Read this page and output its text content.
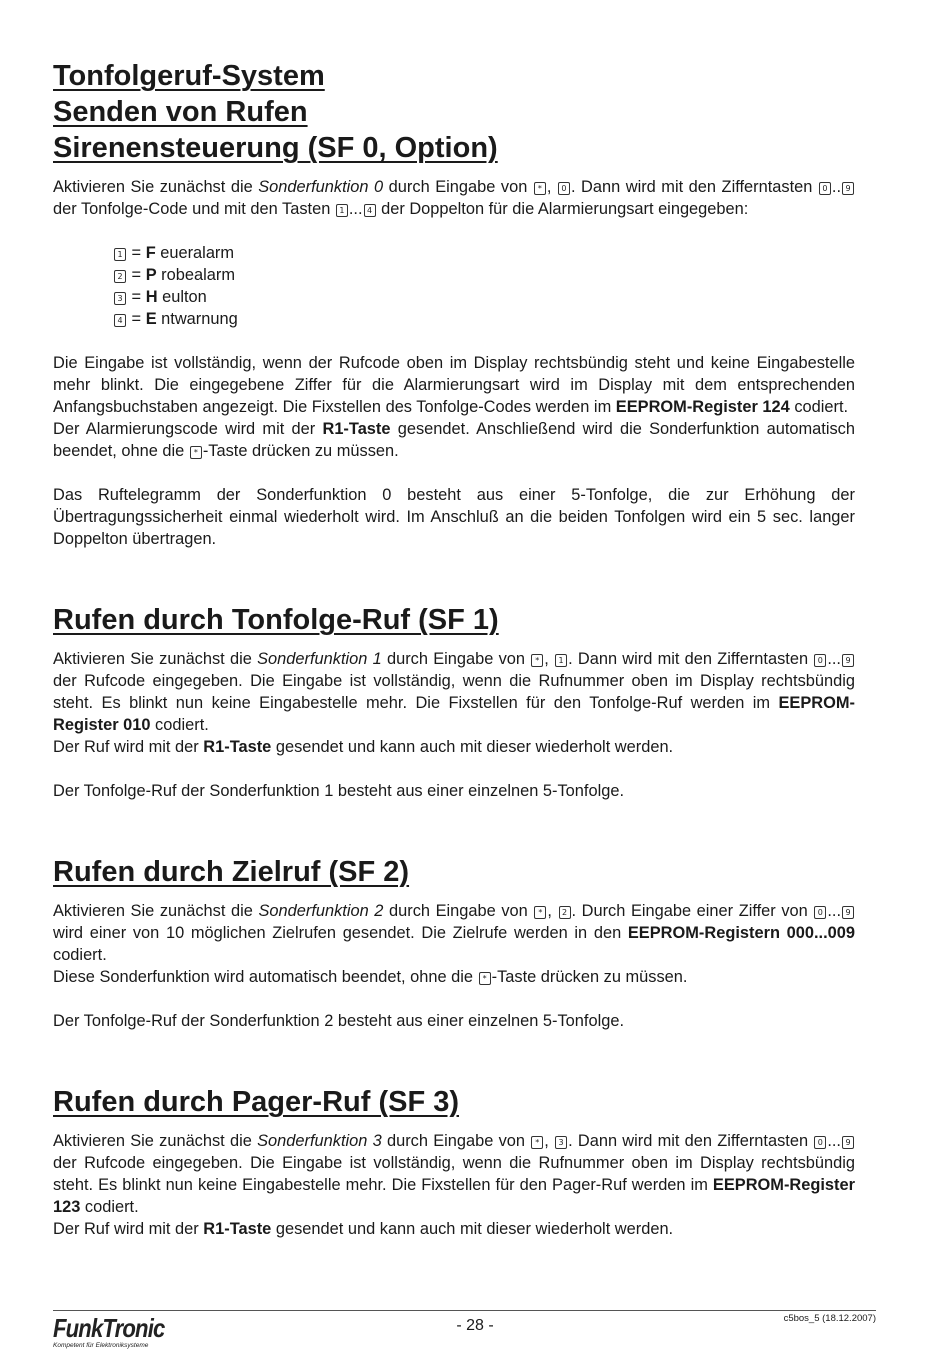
Tonfolgeruf-System
Senden von Rufen
Sirenensteuerung (SF 0, Option)

Aktivieren Sie zunächst die Sonderfunktion 0 durch Eingabe von * , 0 . Dann wird mit den Zifferntasten 0 .. 9 der Tonfolge-Code und mit den Tasten 1 ... 4 der Doppelton für die Alarmierungsart eingegeben:

1 = F eueralarm

2 = P robealarm

3 = H eulton

4 = E ntwarnung

Die Eingabe ist vollständig, wenn der Rufcode oben im Display rechtsbündig steht und keine Eingabestelle mehr blinkt. Die eingegebene Ziffer für die Alarmierungsart wird im Display mit dem entsprechenden Anfangsbuchstaben angezeigt. Die Fixstellen des Tonfolge-Codes werden im EEPROM-Register 124 codiert.

Der Alarmierungscode wird mit der R1-Taste gesendet. Anschließend wird die Sonderfunktion automatisch beendet, ohne die * -Taste drücken zu müssen.

Das Ruftelegramm der Sonderfunktion 0 besteht aus einer 5-Tonfolge, die zur Erhöhung der Übertragungssicherheit einmal wiederholt wird. Im Anschluß an die beiden Tonfolgen wird ein 5 sec. langer Doppelton übertragen.

Rufen durch Tonfolge-Ruf (SF 1)

Aktivieren Sie zunächst die Sonderfunktion 1 durch Eingabe von * , 1 . Dann wird mit den Zifferntasten 0 ... 9 der Rufcode eingegeben. Die Eingabe ist vollständig, wenn die Rufnummer oben im Display rechtsbündig steht. Es blinkt nun keine Eingabestelle mehr. Die Fixstellen für den Tonfolge-Ruf werden im EEPROM-Register 010 codiert.

Der Ruf wird mit der R1-Taste gesendet und kann auch mit dieser wiederholt werden.

Der Tonfolge-Ruf der Sonderfunktion 1 besteht aus einer einzelnen 5-Tonfolge.

Rufen durch Zielruf (SF 2)

Aktivieren Sie zunächst die Sonderfunktion 2 durch Eingabe von * , 2 . Durch Eingabe einer Ziffer von 0 ... 9 wird einer von 10 möglichen Zielrufen gesendet. Die Zielrufe werden in den EEPROM-Registern 000...009 codiert.

Diese Sonderfunktion wird automatisch beendet, ohne die * -Taste drücken zu müssen.

Der Tonfolge-Ruf der Sonderfunktion 2 besteht aus einer einzelnen 5-Tonfolge.

Rufen durch Pager-Ruf (SF 3)

Aktivieren Sie zunächst die Sonderfunktion 3 durch Eingabe von * , 3 . Dann wird mit den Zifferntasten 0 ... 9 der Rufcode eingegeben. Die Eingabe ist vollständig, wenn die Rufnummer oben im Display rechtsbündig steht. Es blinkt nun keine Eingabestelle mehr. Die Fixstellen für den Pager-Ruf werden im EEPROM-Register 123 codiert.

Der Ruf wird mit der R1-Taste gesendet und kann auch mit dieser wiederholt werden.

FunkTronic
Kompetent für Elektroniksysteme
- 28 -	c5bos_5 (18.12.2007)
